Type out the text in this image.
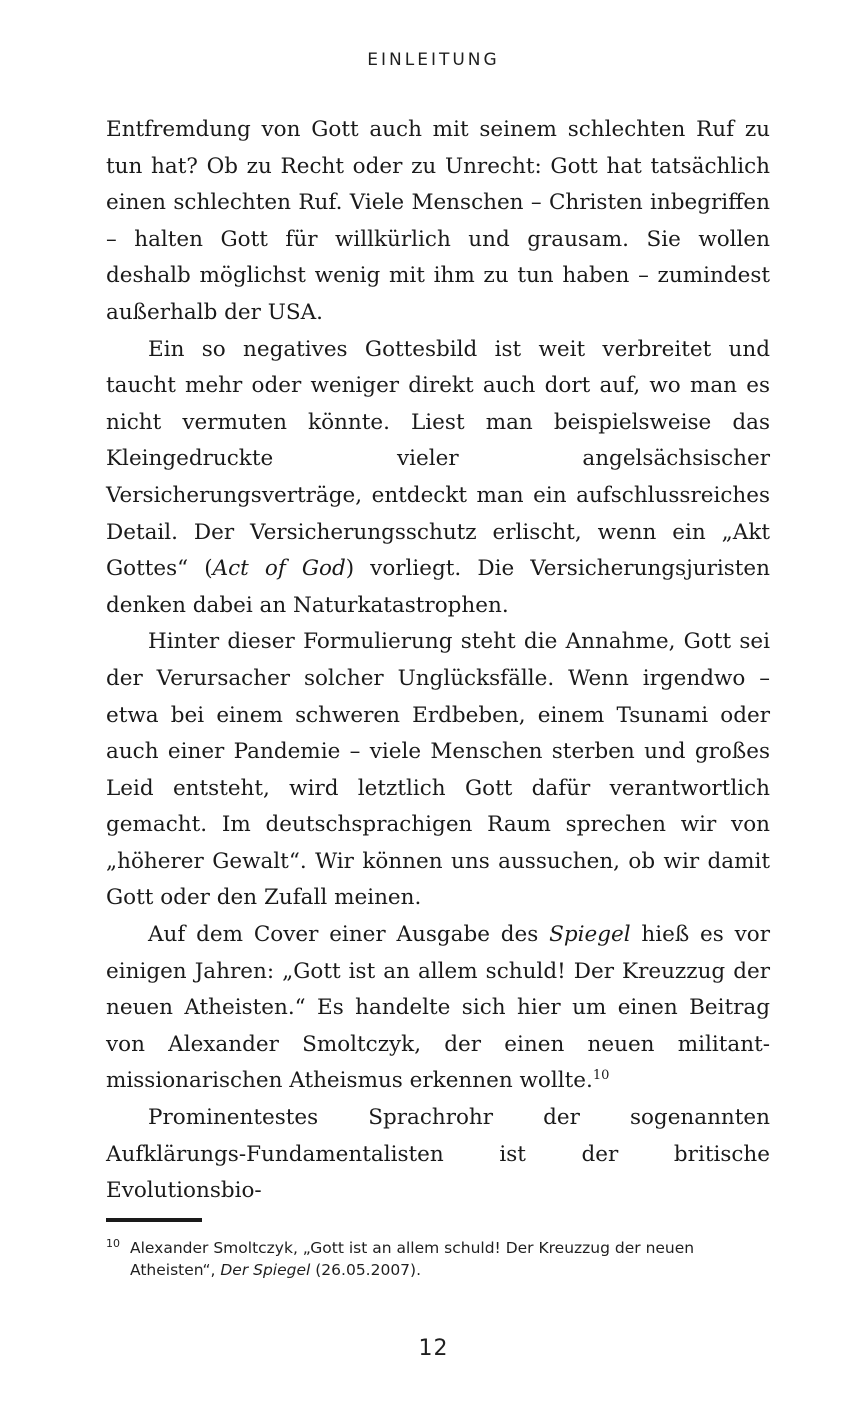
EINLEITUNG

Entfremdung von Gott auch mit seinem schlechten Ruf zu tun hat? Ob zu Recht oder zu Unrecht: Gott hat tatsächlich einen schlechten Ruf. Viele Menschen – Christen inbegriffen – halten Gott für willkürlich und grausam. Sie wollen deshalb möglichst wenig mit ihm zu tun haben – zumindest außerhalb der USA.

Ein so negatives Gottesbild ist weit verbreitet und taucht mehr oder weniger direkt auch dort auf, wo man es nicht vermuten könnte. Liest man beispielsweise das Kleingedruckte vieler angelsächsischer Versicherungsverträge, entdeckt man ein aufschlussreiches Detail. Der Versicherungsschutz erlischt, wenn ein „Akt Gottes“ (Act of God) vorliegt. Die Versicherungsjuristen denken dabei an Naturkatastrophen.

Hinter dieser Formulierung steht die Annahme, Gott sei der Verursacher solcher Unglücksfälle. Wenn irgendwo – etwa bei einem schweren Erdbeben, einem Tsunami oder auch einer Pandemie – viele Menschen sterben und großes Leid entsteht, wird letztlich Gott dafür verantwortlich gemacht. Im deutschsprachigen Raum sprechen wir von „höherer Gewalt“. Wir können uns aussuchen, ob wir damit Gott oder den Zufall meinen.

Auf dem Cover einer Ausgabe des Spiegel hieß es vor einigen Jahren: „Gott ist an allem schuld! Der Kreuzzug der neuen Atheisten.“ Es handelte sich hier um einen Beitrag von Alexander Smoltczyk, der einen neuen militant-missionarischen Atheismus erkennen wollte.$^{10}$

Prominentestes Sprachrohr der sogenannten Aufklärungs-Fundamentalisten ist der britische Evolutionsbio-

10 Alexander Smoltczyk, „Gott ist an allem schuld! Der Kreuzzug der neuen Atheisten“, Der Spiegel (26.05.2007).
12
